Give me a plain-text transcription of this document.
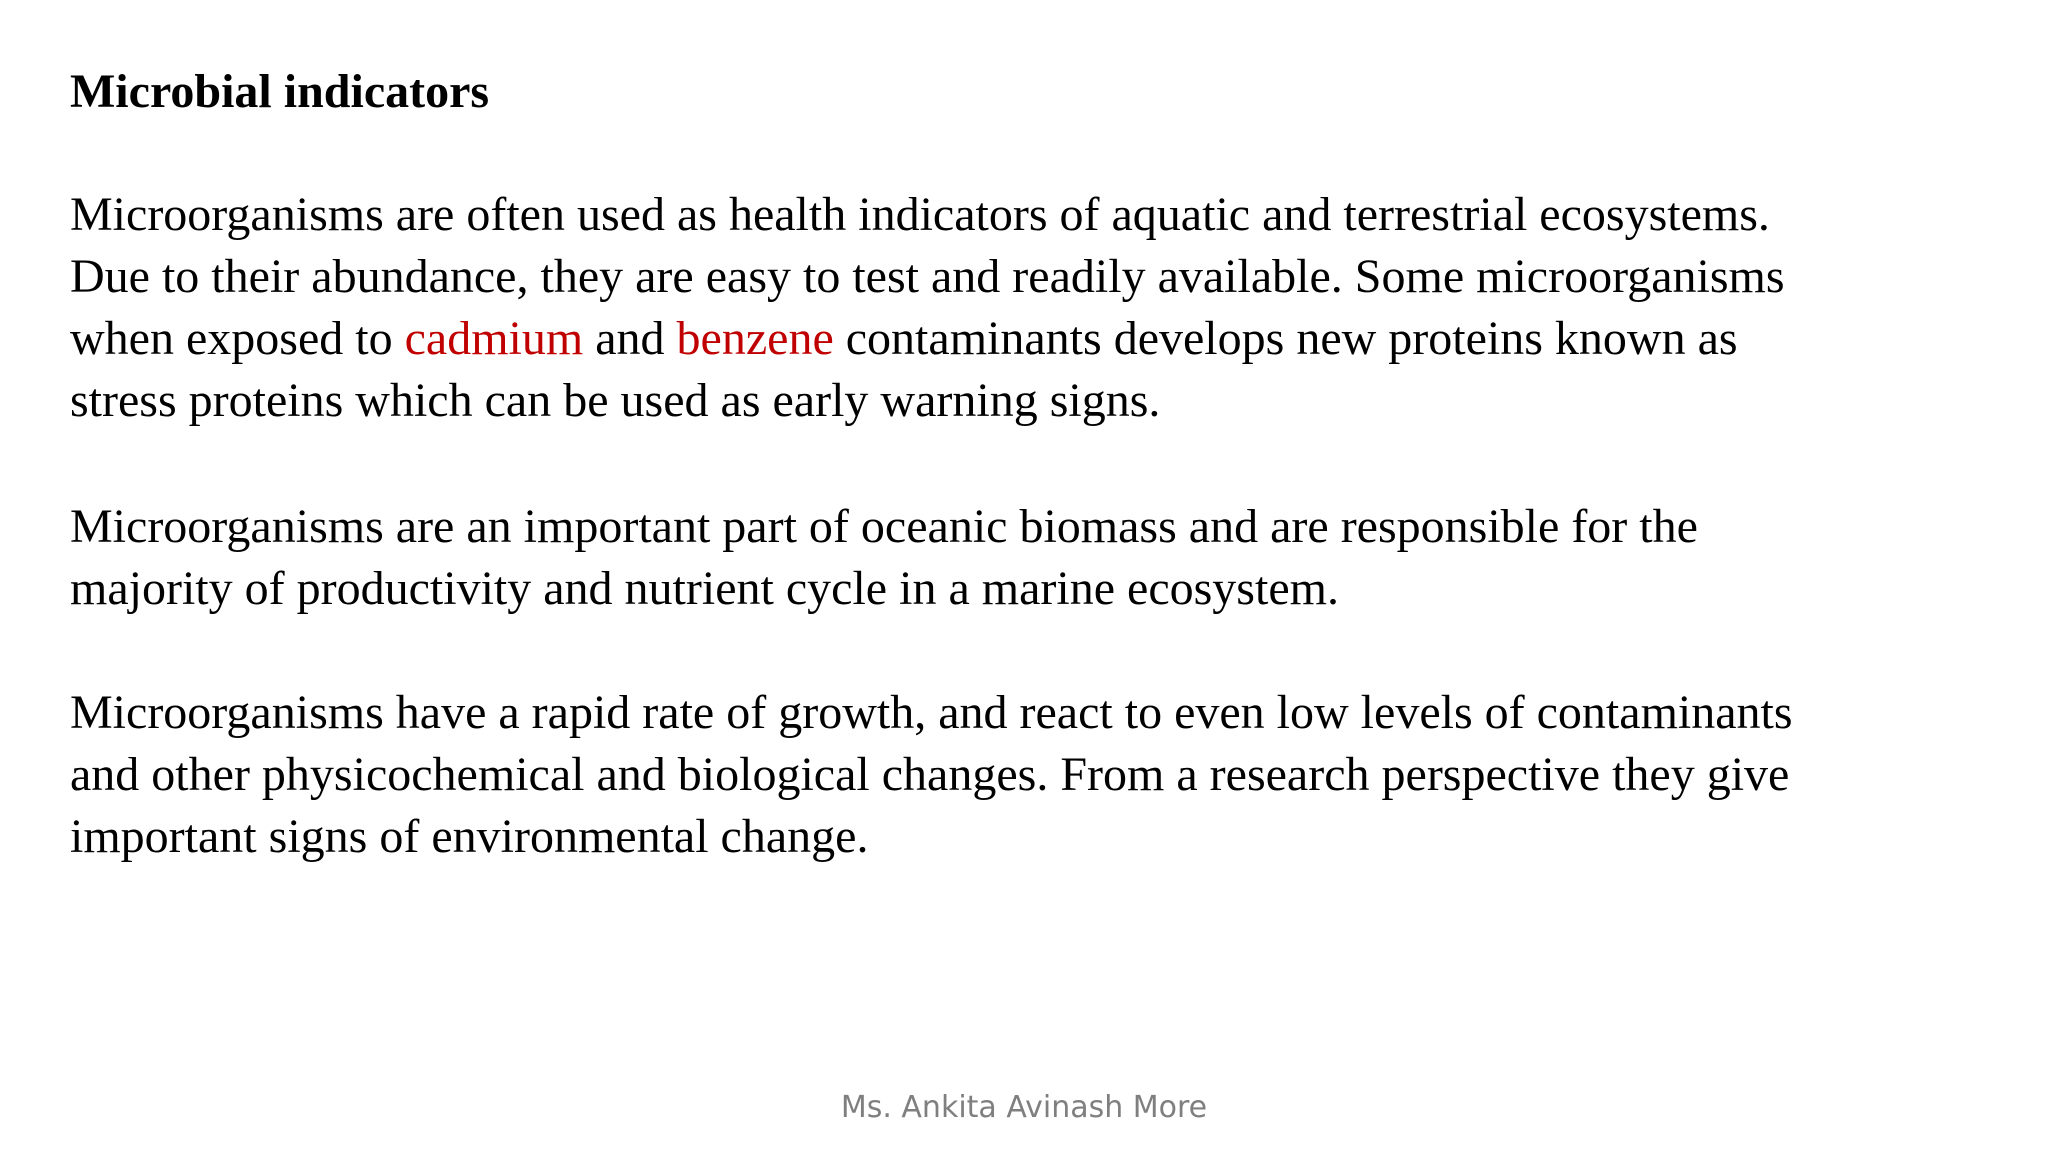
Microbial indicators

Microorganisms are often used as health indicators of aquatic and terrestrial ecosystems.
Due to their abundance, they are easy to test and readily available. Some microorganisms
when exposed to cadmium and benzene contaminants develops new proteins known as
stress proteins which can be used as early warning signs.

Microorganisms are an important part of oceanic biomass and are responsible for the
majority of productivity and nutrient cycle in a marine ecosystem.

Microorganisms have a rapid rate of growth, and react to even low levels of contaminants
and other physicochemical and biological changes. From a research perspective they give
important signs of environmental change.

Ms. Ankita Avinash More
